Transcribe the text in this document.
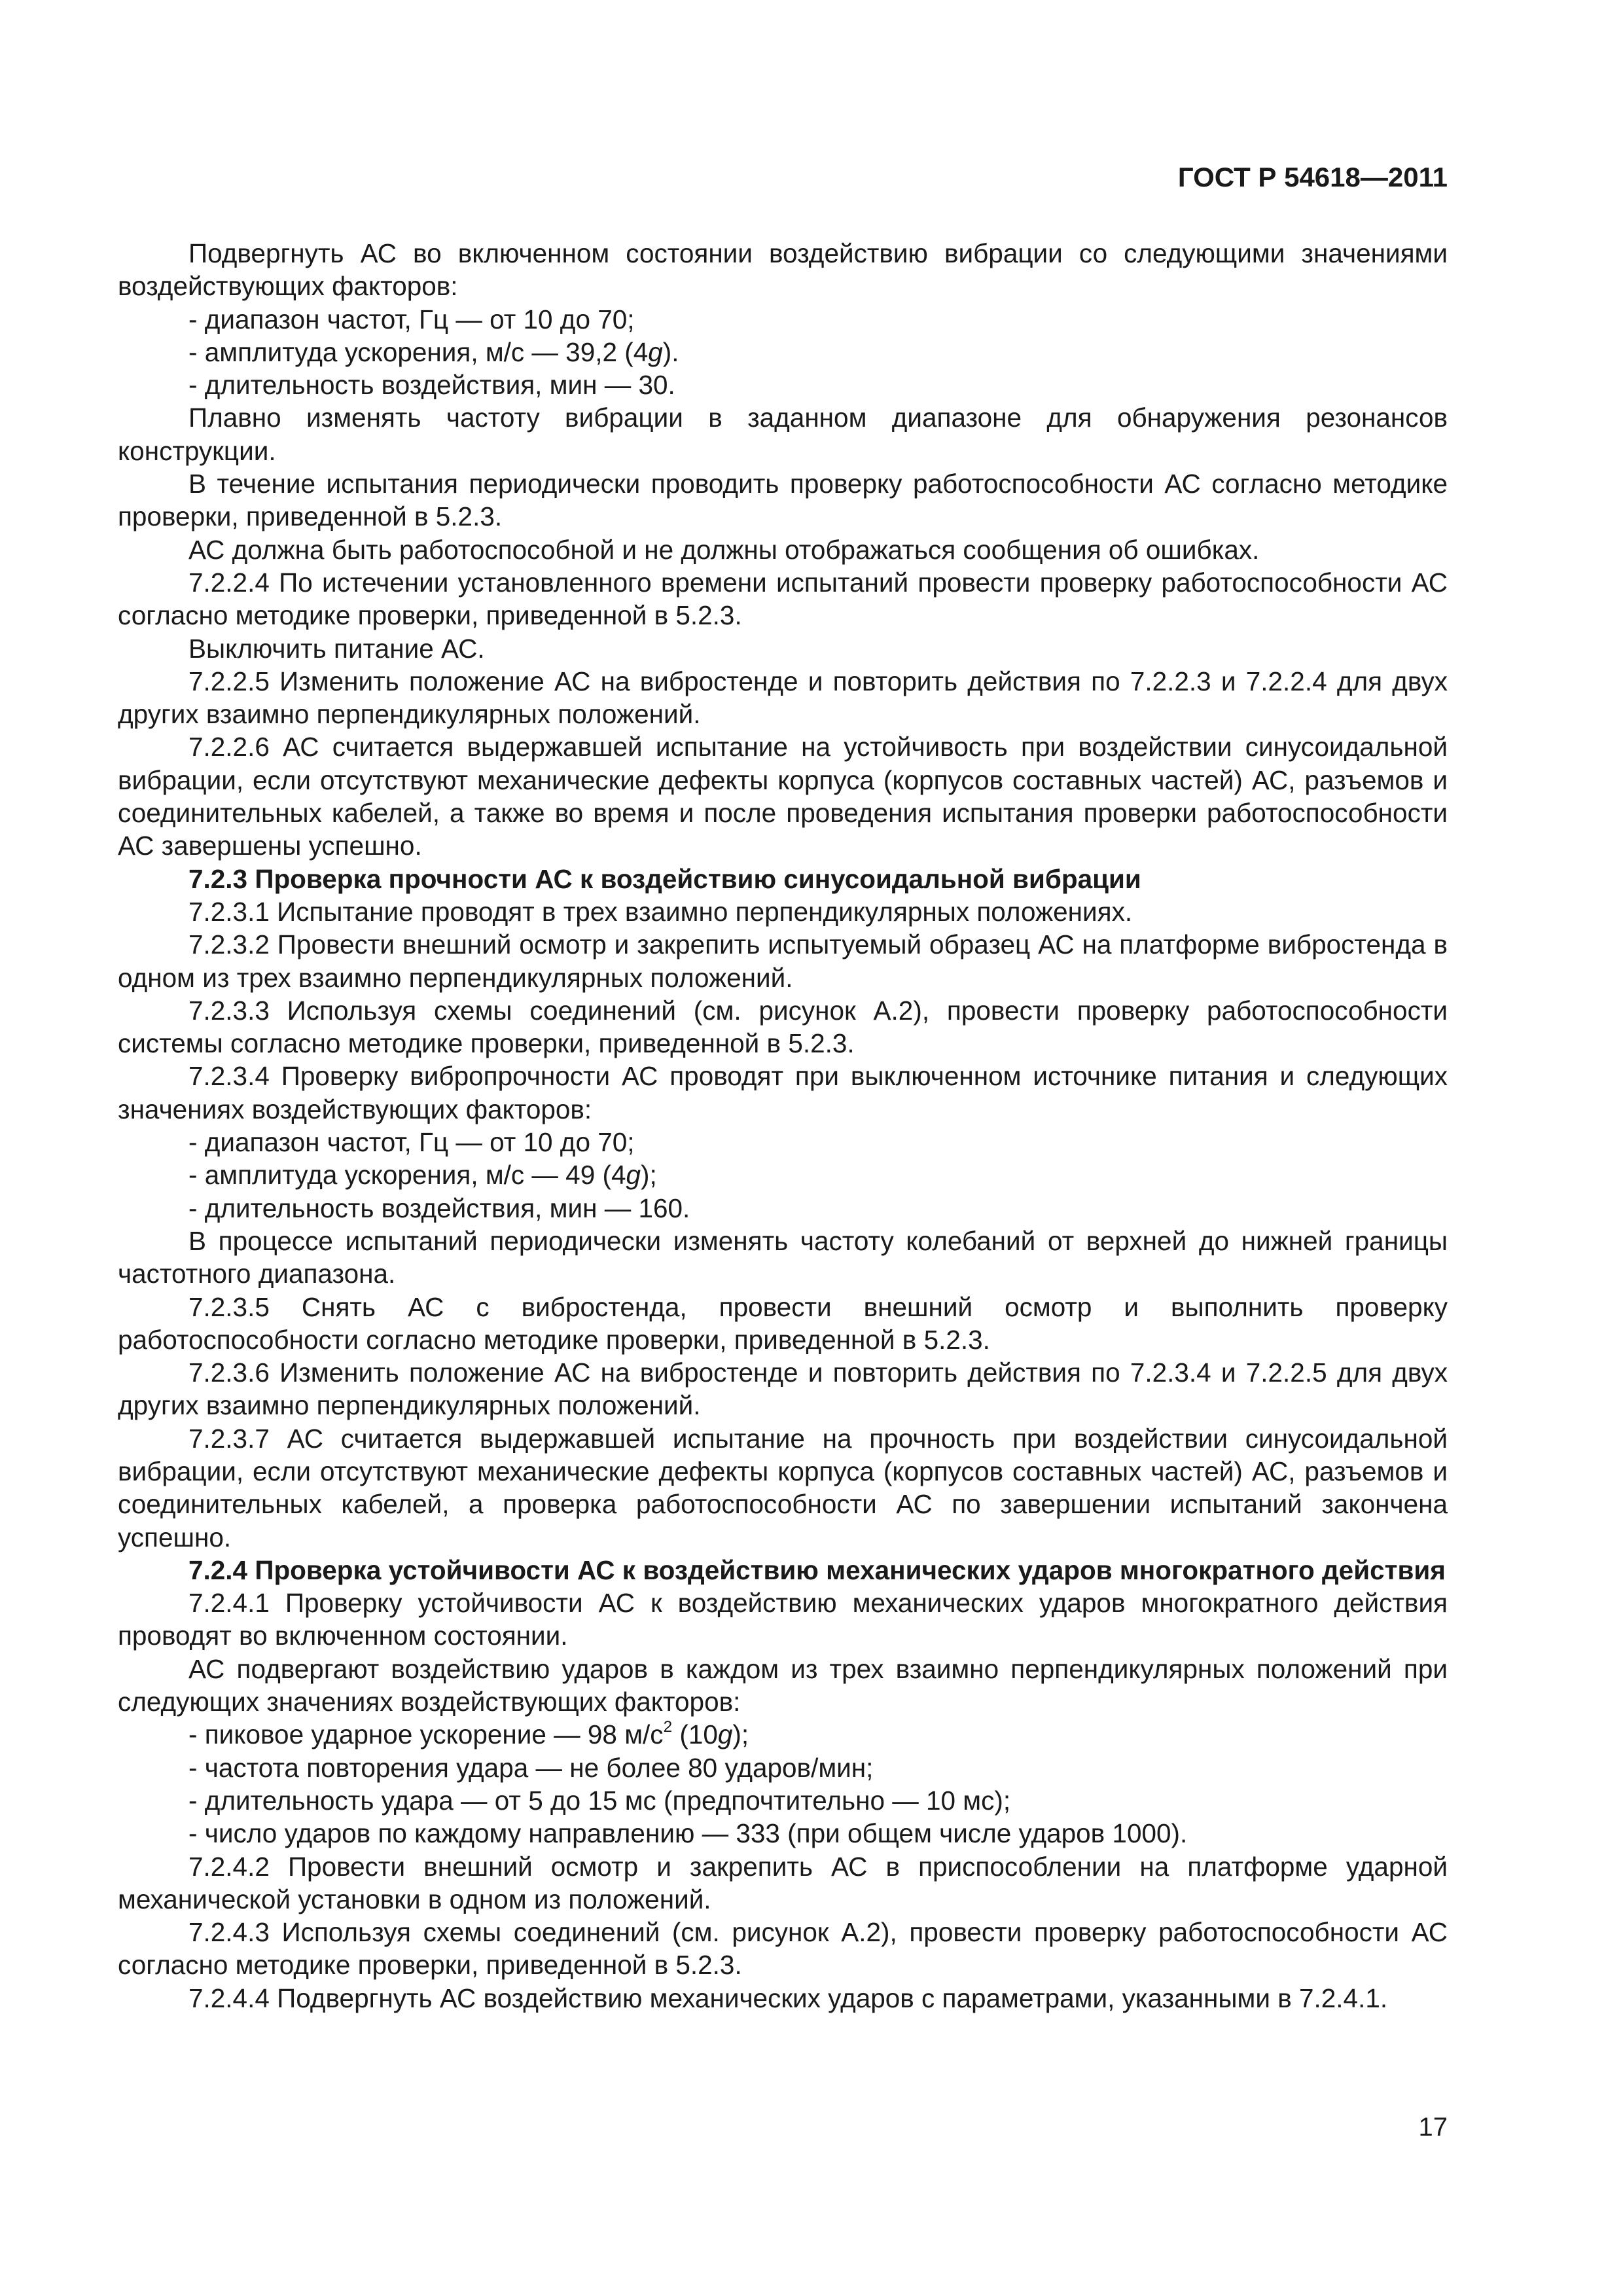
ГОСТ Р 54618—2011

Подвергнуть АС во включенном состоянии воздействию вибрации со следующими значениями воздействующих факторов:

- диапазон частот, Гц — от 10 до 70;

- амплитуда ускорения, м/с — 39,2 (4g).

- длительность воздействия, мин — 30.

Плавно изменять частоту вибрации в заданном диапазоне для обнаружения резонансов конструкции.

В течение испытания периодически проводить проверку работоспособности АС согласно методике проверки, приведенной в 5.2.3.

АС должна быть работоспособной и не должны отображаться сообщения об ошибках.

7.2.2.4 По истечении установленного времени испытаний провести проверку работоспособности АС согласно методике проверки, приведенной в 5.2.3.

Выключить питание АС.

7.2.2.5 Изменить положение АС на вибростенде и повторить действия по 7.2.2.3 и 7.2.2.4 для двух других взаимно перпендикулярных положений.

7.2.2.6 АС считается выдержавшей испытание на устойчивость при воздействии синусоидальной вибрации, если отсутствуют механические дефекты корпуса (корпусов составных частей) АС, разъемов и соединительных кабелей, а также во время и после проведения испытания проверки работоспособности АС завершены успешно.

7.2.3 Проверка прочности АС к воздействию синусоидальной вибрации

7.2.3.1 Испытание проводят в трех взаимно перпендикулярных положениях.

7.2.3.2 Провести внешний осмотр и закрепить испытуемый образец АС на платформе вибростенда в одном из трех взаимно перпендикулярных положений.

7.2.3.3 Используя схемы соединений (см. рисунок А.2), провести проверку работоспособности системы согласно методике проверки, приведенной в 5.2.3.

7.2.3.4 Проверку вибропрочности АС проводят при выключенном источнике питания и следующих значениях воздействующих факторов:

- диапазон частот, Гц — от 10 до 70;

- амплитуда ускорения, м/с — 49 (4g);

- длительность воздействия, мин — 160.

В процессе испытаний периодически изменять частоту колебаний от верхней до нижней границы частотного диапазона.

7.2.3.5 Снять АС с вибростенда, провести внешний осмотр и выполнить проверку работоспособности согласно методике проверки, приведенной в 5.2.3.

7.2.3.6 Изменить положение АС на вибростенде и повторить действия по 7.2.3.4 и 7.2.2.5 для двух других взаимно перпендикулярных положений.

7.2.3.7 АС считается выдержавшей испытание на прочность при воздействии синусоидальной вибрации, если отсутствуют механические дефекты корпуса (корпусов составных частей) АС, разъемов и соединительных кабелей, а проверка работоспособности АС по завершении испытаний закончена успешно.

7.2.4 Проверка устойчивости АС к воздействию механических ударов многократного действия

7.2.4.1 Проверку устойчивости АС к воздействию механических ударов многократного действия проводят во включенном состоянии.

АС подвергают воздействию ударов в каждом из трех взаимно перпендикулярных положений при следующих значениях воздействующих факторов:

- пиковое ударное ускорение — 98 $м/с^2$ (10g);

- частота повторения удара — не более 80 ударов/мин;

- длительность удара — от 5 до 15 мс (предпочтительно — 10 мс);

- число ударов по каждому направлению — 333 (при общем числе ударов 1000).

7.2.4.2 Провести внешний осмотр и закрепить АС в приспособлении на платформе ударной механической установки в одном из положений.

7.2.4.3 Используя схемы соединений (см. рисунок А.2), провести проверку работоспособности АС согласно методике проверки, приведенной в 5.2.3.

7.2.4.4 Подвергнуть АС воздействию механических ударов с параметрами, указанными в 7.2.4.1.

17
